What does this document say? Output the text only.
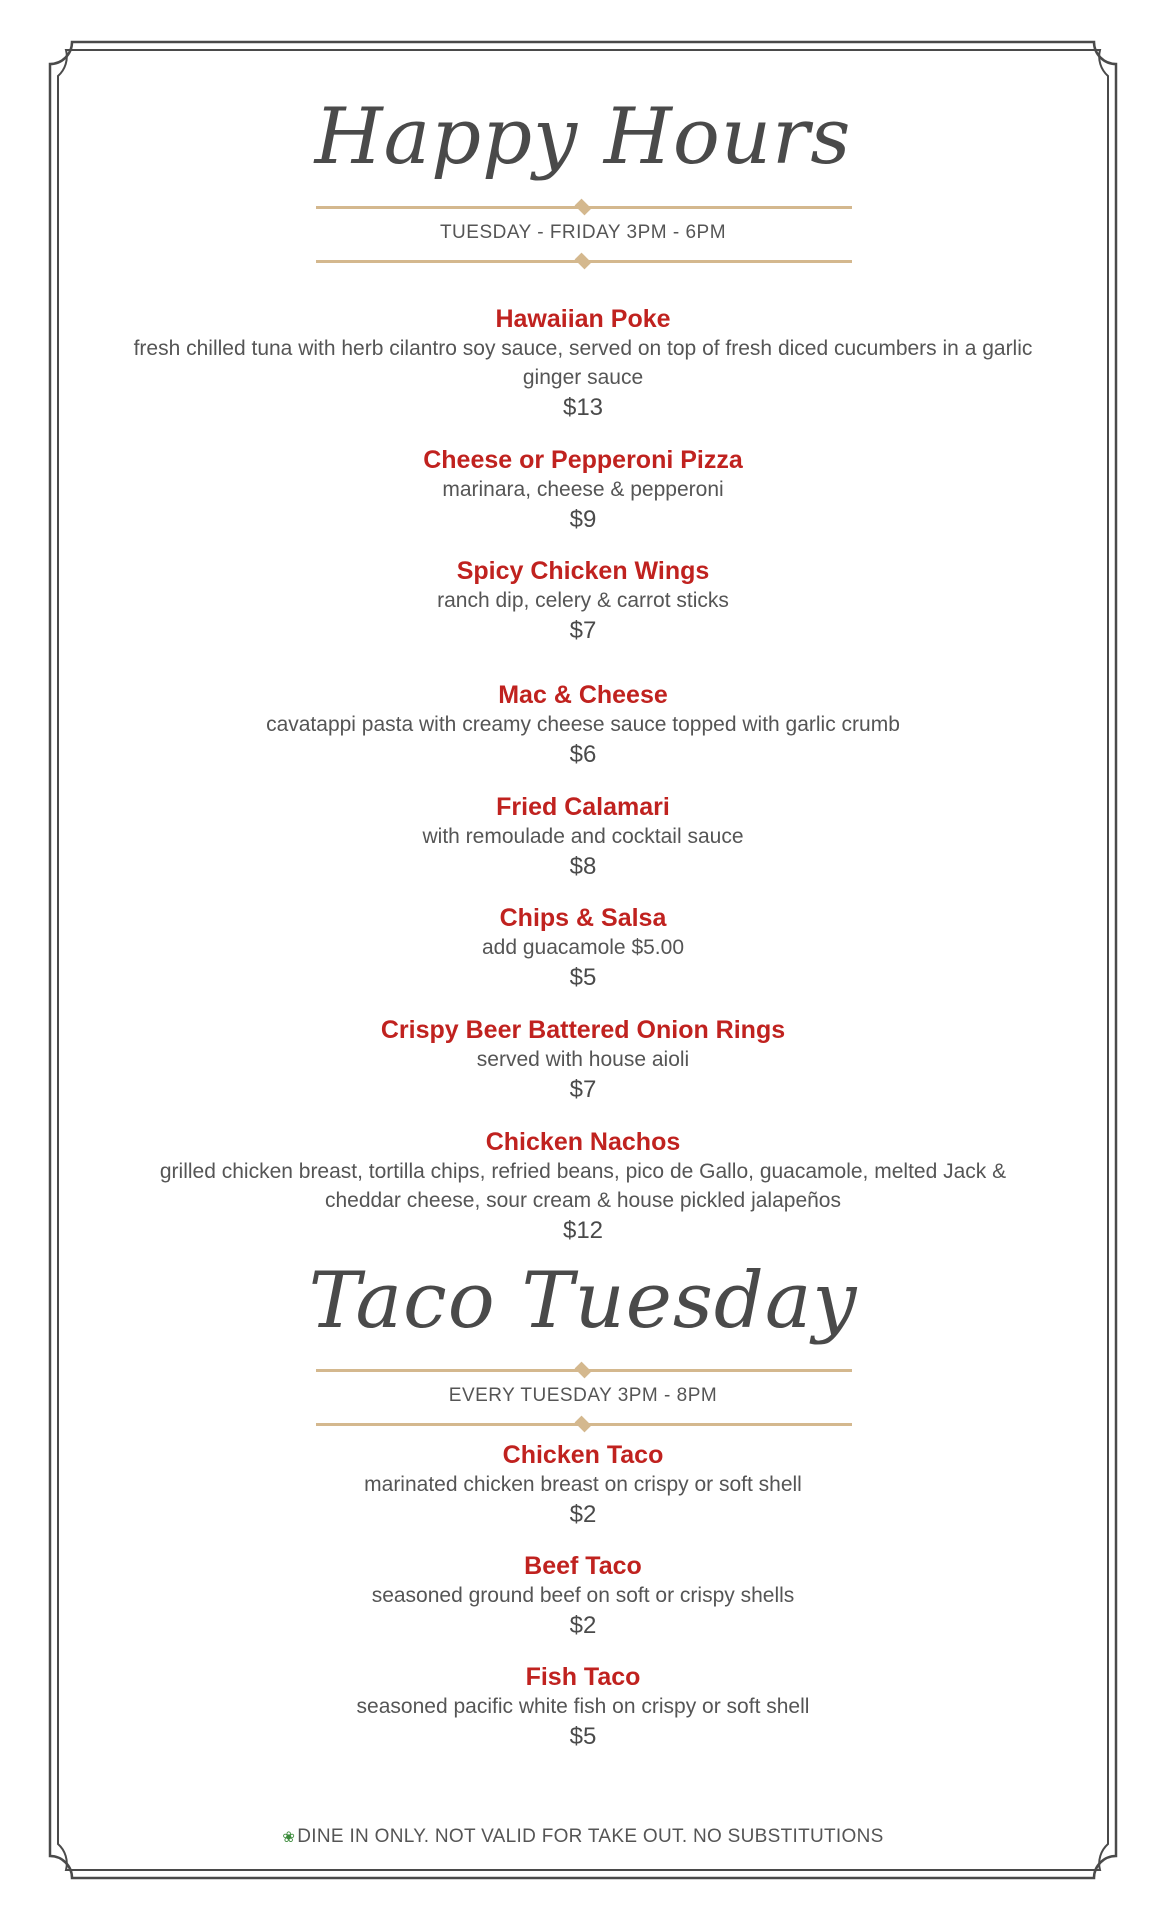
Happy Hours
TUESDAY - FRIDAY 3PM - 6PM
Hawaiian Poke
fresh chilled tuna with herb cilantro soy sauce, served on top of fresh diced cucumbers in a garlic ginger sauce
$13
Cheese or Pepperoni Pizza
marinara, cheese & pepperoni
$9
Spicy Chicken Wings
ranch dip, celery & carrot sticks
$7
Mac & Cheese
cavatappi pasta with creamy cheese sauce topped with garlic crumb
$6
Fried Calamari
with remoulade and cocktail sauce
$8
Chips & Salsa
add guacamole $5.00
$5
Crispy Beer Battered Onion Rings
served with house aioli
$7
Chicken Nachos
grilled chicken breast, tortilla chips, refried beans, pico de Gallo, guacamole, melted Jack & cheddar cheese, sour cream & house pickled jalapeños
$12
Taco Tuesday
EVERY TUESDAY 3PM - 8PM
Chicken Taco
marinated chicken breast on crispy or soft shell
$2
Beef Taco
seasoned ground beef on soft or crispy shells
$2
Fish Taco
seasoned pacific white fish on crispy or soft shell
$5
❀ DINE IN ONLY. NOT VALID FOR TAKE OUT. NO SUBSTITUTIONS
